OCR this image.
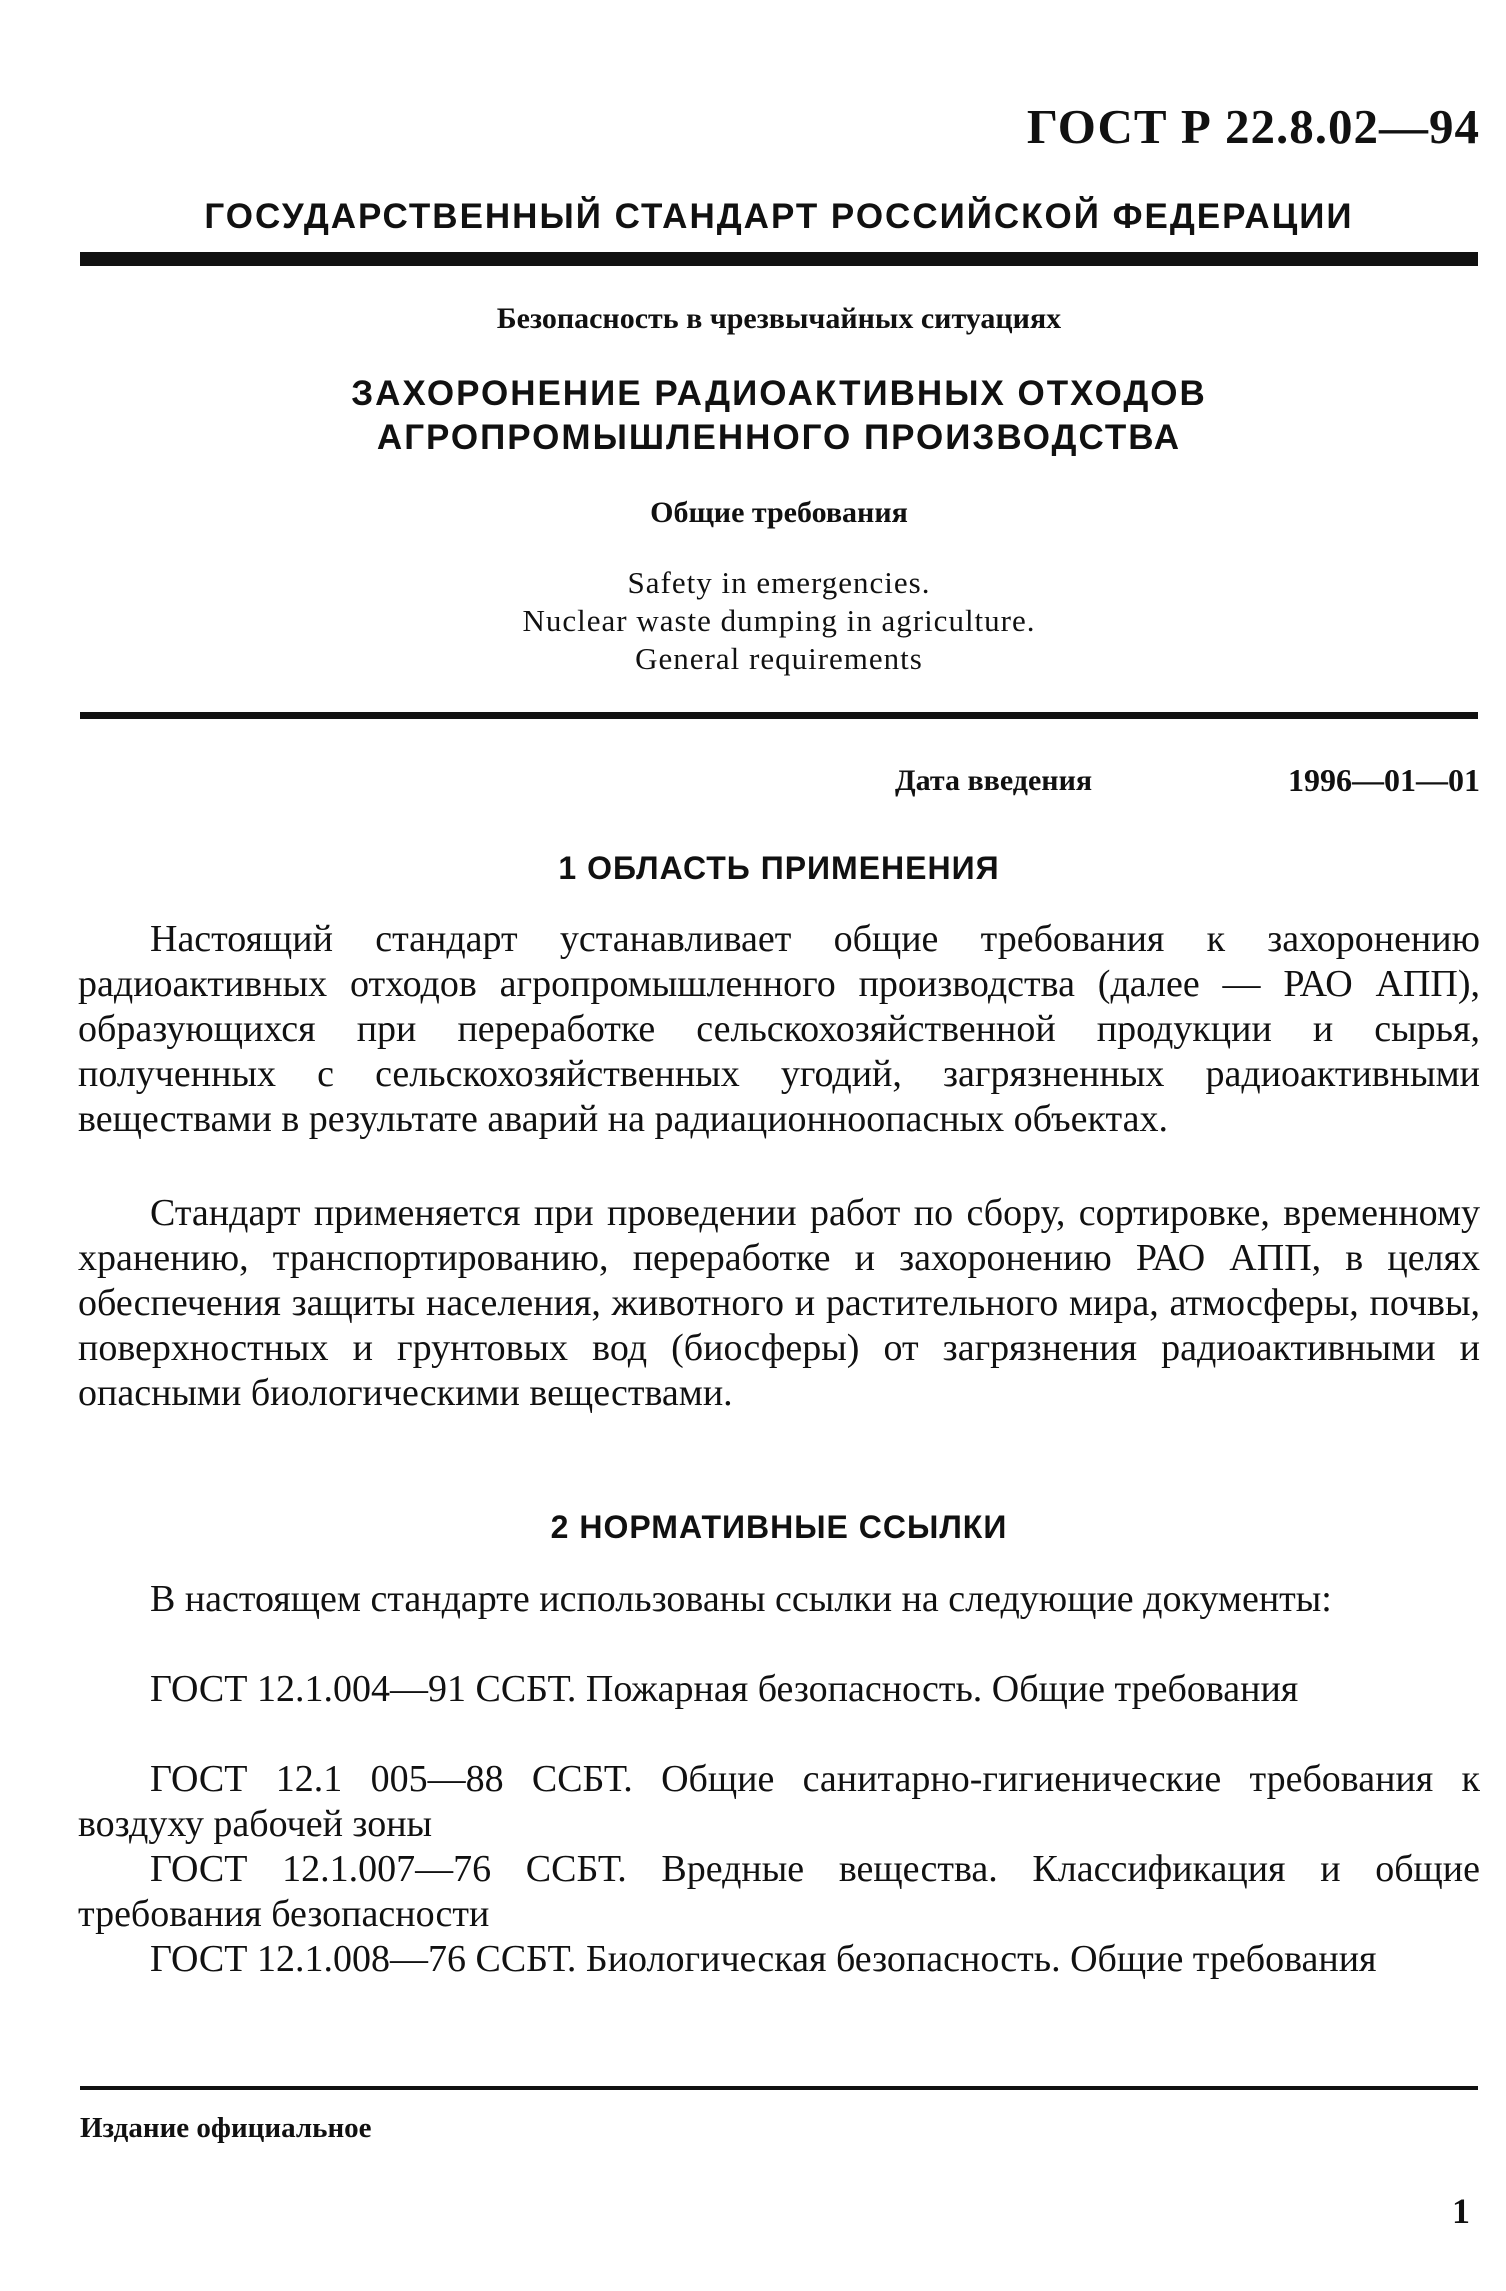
ГОСТ Р 22.8.02—94
ГОСУДАРСТВЕННЫЙ СТАНДАРТ РОССИЙСКОЙ ФЕДЕРАЦИИ
Безопасность в чрезвычайных ситуациях
ЗАХОРОНЕНИЕ РАДИОАКТИВНЫХ ОТХОДОВ
АГРОПРОМЫШЛЕННОГО ПРОИЗВОДСТВА
Общие требования
Safety in emergencies.
Nuclear waste dumping in agriculture.
General requirements
Дата введения	1996—01—01
1 ОБЛАСТЬ ПРИМЕНЕНИЯ
Настоящий стандарт устанавливает общие требования к захоронению радиоактивных отходов агропромышленного производства (далее — РАО АПП), образующихся при переработке сельскохозяйственной продукции и сырья, полученных с сельскохозяйственных угодий, загрязненных радиоактивными веществами в результате аварий на радиационноопасных объектах.
Стандарт применяется при проведении работ по сбору, сортировке, временному хранению, транспортированию, переработке и захоронению РАО АПП, в целях обеспечения защиты населения, животного и растительного мира, атмосферы, почвы, поверхностных и грунтовых вод (биосферы) от загрязнения радиоактивными и опасными биологическими веществами.
2 НОРМАТИВНЫЕ ССЫЛКИ
В настоящем стандарте использованы ссылки на следующие документы:
ГОСТ 12.1.004—91 ССБТ. Пожарная безопасность. Общие требования
ГОСТ 12.1 005—88 ССБТ. Общие санитарно-гигиенические требования к воздуху рабочей зоны
ГОСТ 12.1.007—76 ССБТ. Вредные вещества. Классификация и общие требования безопасности
ГОСТ 12.1.008—76 ССБТ. Биологическая безопасность. Общие требования
Издание официальное
1
